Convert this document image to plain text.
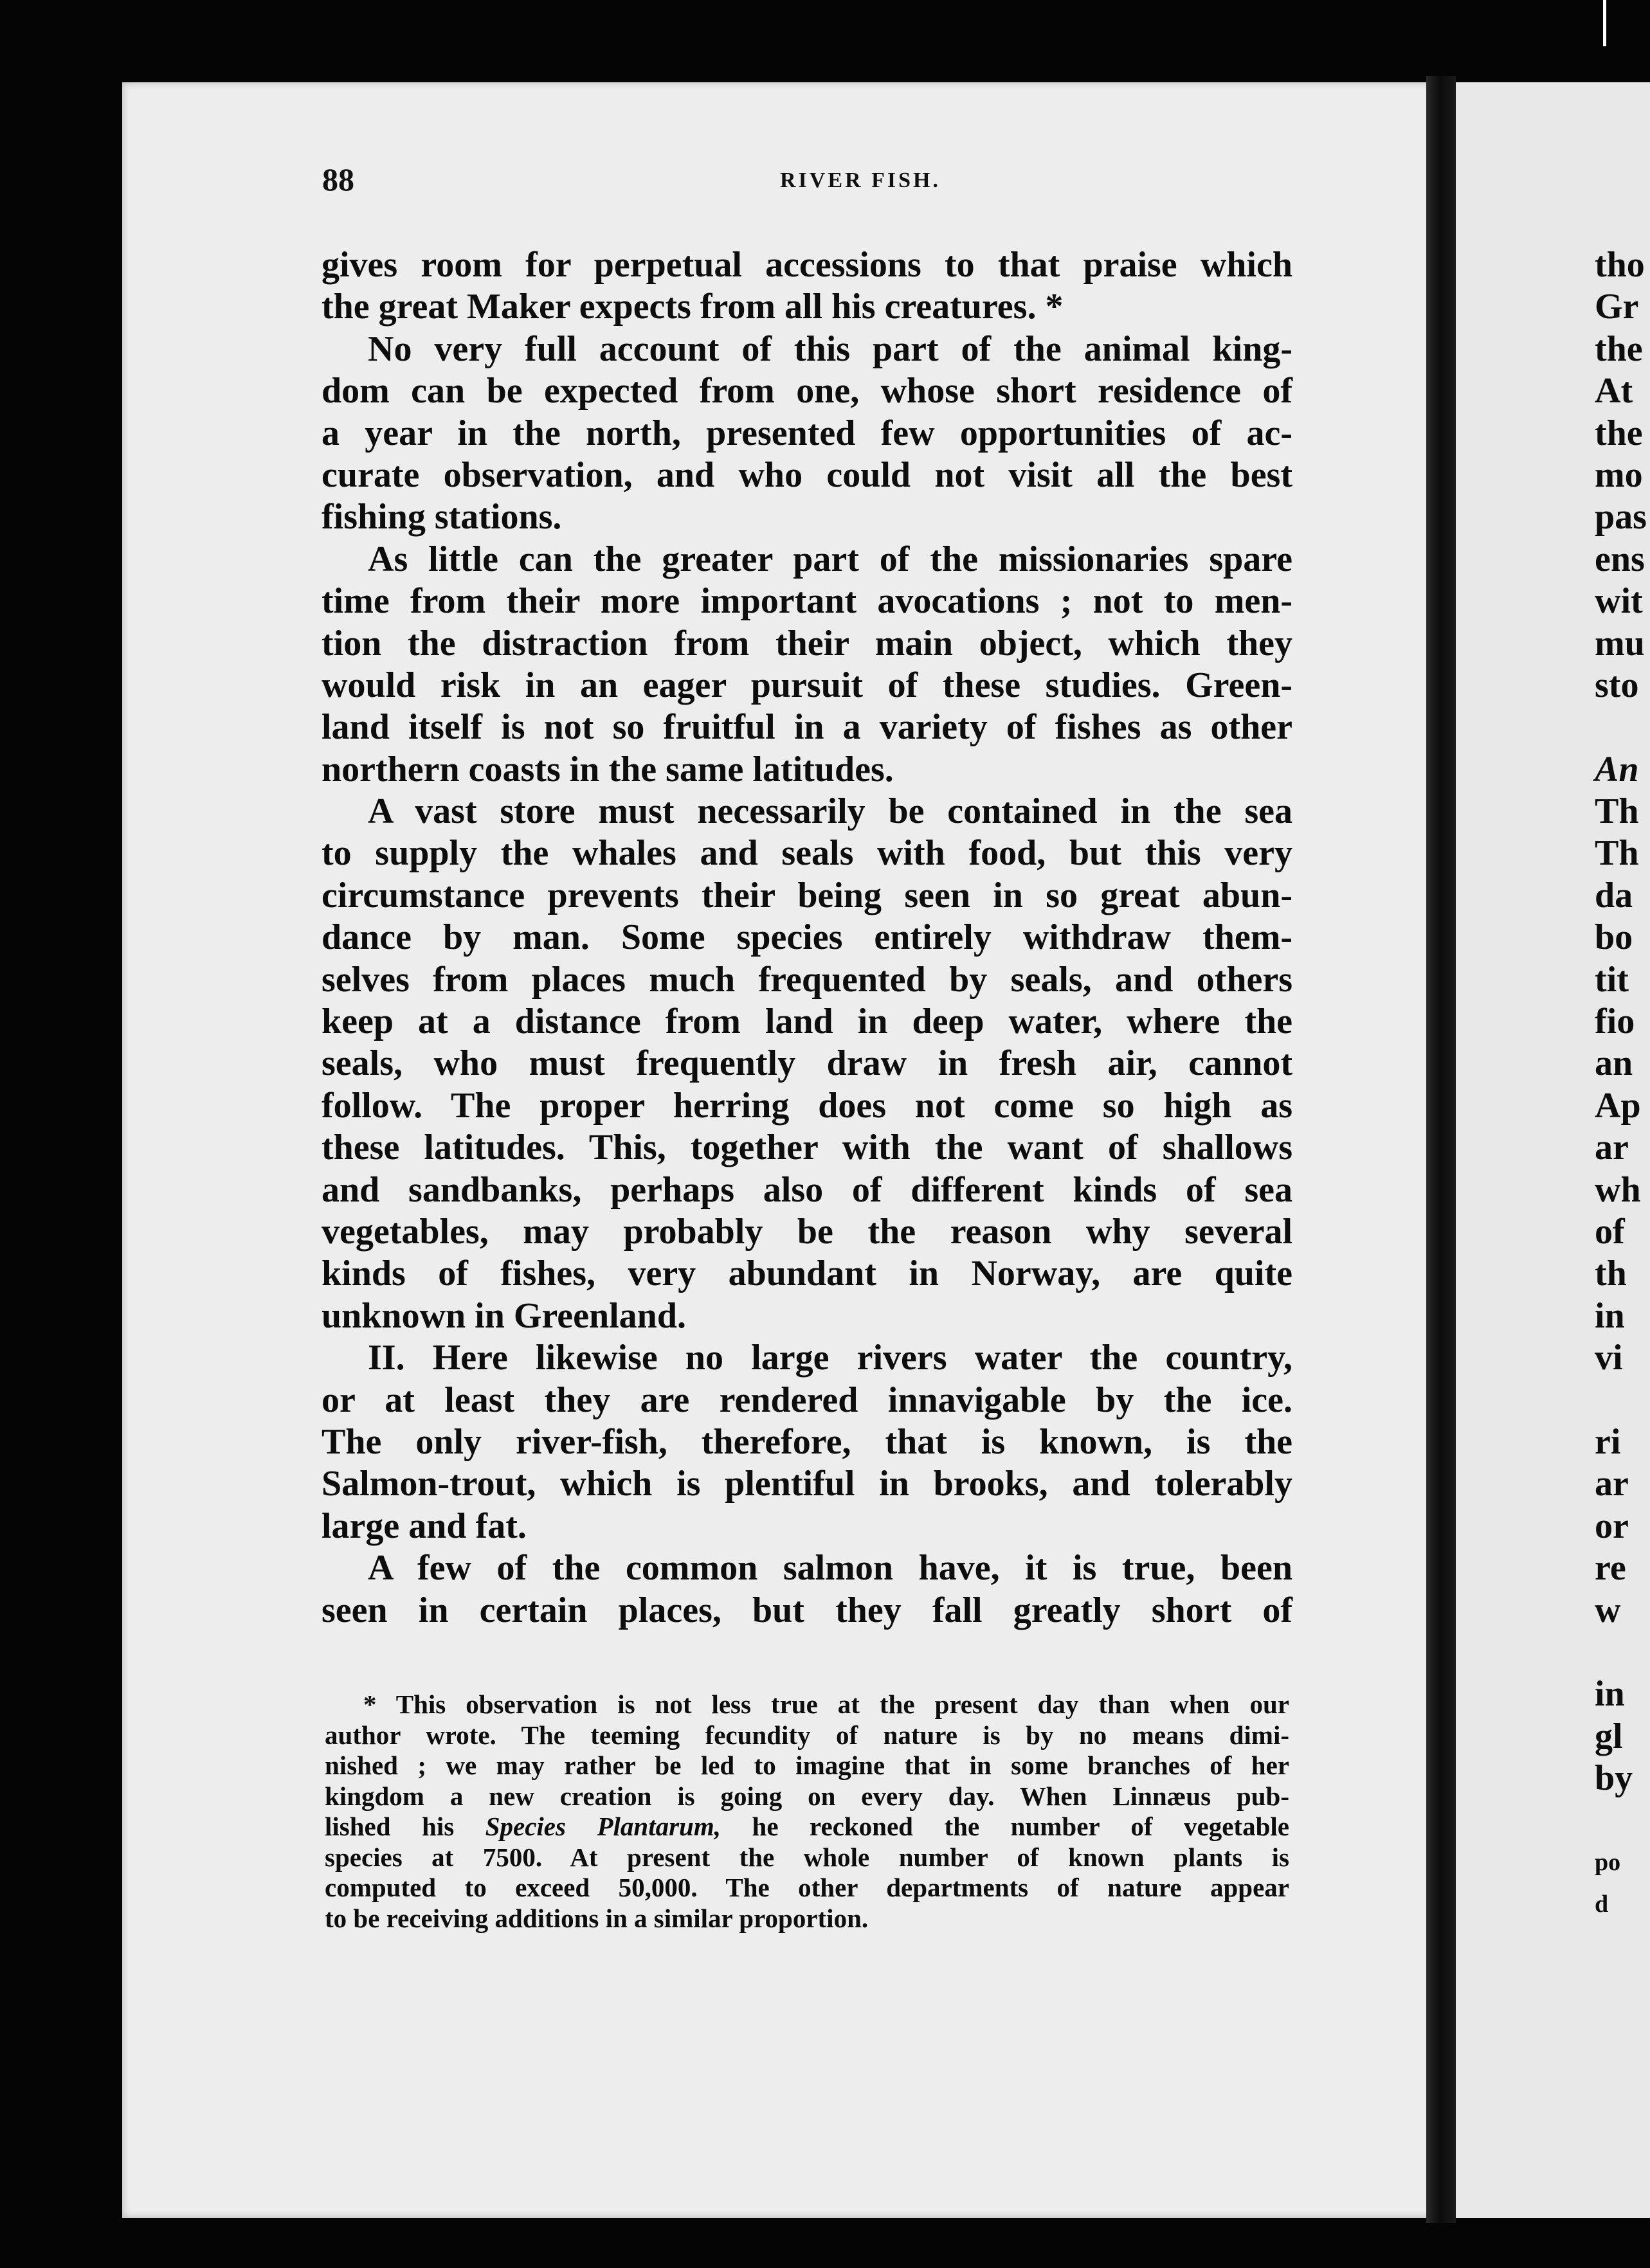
88	RIVER FISH.
gives room for perpetual accessions to that praise which
the great Maker expects from all his creatures. *
No very full account of this part of the animal king-
dom can be expected from one, whose short residence of
a year in the north, presented few opportunities of ac-
curate observation, and who could not visit all the best
fishing stations.
As little can the greater part of the missionaries spare
time from their more important avocations ; not to men-
tion the distraction from their main object, which they
would risk in an eager pursuit of these studies. Green-
land itself is not so fruitful in a variety of fishes as other
northern coasts in the same latitudes.
A vast store must necessarily be contained in the sea
to supply the whales and seals with food, but this very
circumstance prevents their being seen in so great abun-
dance by man. Some species entirely withdraw them-
selves from places much frequented by seals, and others
keep at a distance from land in deep water, where the
seals, who must frequently draw in fresh air, cannot
follow. The proper herring does not come so high as
these latitudes. This, together with the want of shallows
and sandbanks, perhaps also of different kinds of sea
vegetables, may probably be the reason why several
kinds of fishes, very abundant in Norway, are quite
unknown in Greenland.
II. Here likewise no large rivers water the country,
or at least they are rendered innavigable by the ice.
The only river-fish, therefore, that is known, is the
Salmon-trout, which is plentiful in brooks, and tolerably
large and fat.
A few of the common salmon have, it is true, been
seen in certain places, but they fall greatly short of
* This observation is not less true at the present day than when our
author wrote. The teeming fecundity of nature is by no means dimi-
nished ; we may rather be led to imagine that in some branches of her
kingdom a new creation is going on every day. When Linnæus pub-
lished his Species Plantarum, he reckoned the number of vegetable
species at 7500. At present the whole number of known plants is
computed to exceed 50,000. The other departments of nature appear
to be receiving additions in a similar proportion.
tho
Gr
the
At
the
mo
pas
ens
wit
mu
sto

An
Th
Th
da
bo
tit
fio
an
Ap
ar
wh
of
th
in
vi

ri
ar
or
re
w

in
gl
by

po
d
